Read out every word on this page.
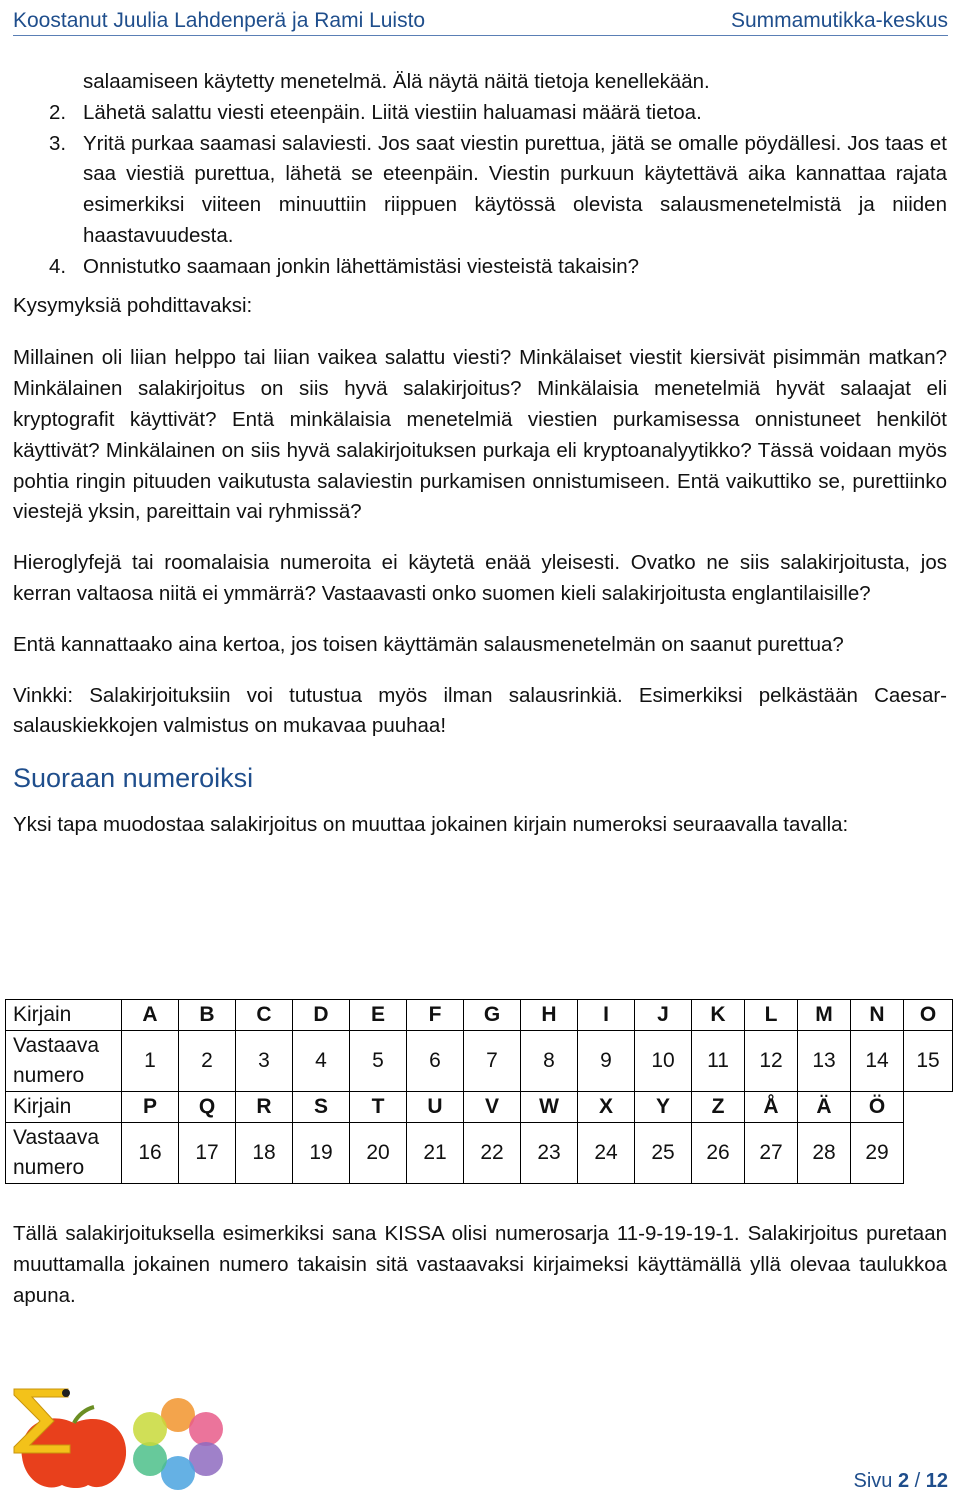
Koostanut Juulia Lahdenperä ja Rami Luisto	Summamutikka-keskus
salaamiseen käytetty menetelmä. Älä näytä näitä tietoja kenellekään.
2. Lähetä salattu viesti eteenpäin. Liitä viestiin haluamasi määrä tietoa.
3. Yritä purkaa saamasi salaviesti. Jos saat viestin purettua, jätä se omalle pöydällesi. Jos taas et saa viestiä purettua, lähetä se eteenpäin. Viestin purkuun käytettävä aika kannattaa rajata esimerkiksi viiteen minuuttiin riippuen käytössä olevista salausmenetelmistä ja niiden haastavuudesta.
4. Onnistutko saamaan jonkin lähettämistäsi viesteistä takaisin?

Kysymyksiä pohdittavaksi:

Millainen oli liian helppo tai liian vaikea salattu viesti? Minkälaiset viestit kiersivät pisimmän matkan? Minkälainen salakirjoitus on siis hyvä salakirjoitus? Minkälaisia menetelmiä hyvät salaajat eli kryptografit käyttivät? Entä minkälaisia menetelmiä viestien purkamisessa onnistuneet henkilöt käyttivät? Minkälainen on siis hyvä salakirjoituksen purkaja eli kryptoanalyytikko? Tässä voidaan myös pohtia ringin pituuden vaikutusta salaviestin purkamisen onnistumiseen. Entä vaikuttiko se, purettiinko viestejä yksin, pareittain vai ryhmissä?

Hieroglyfejä tai roomalaisia numeroita ei käytetä enää yleisesti. Ovatko ne siis salakirjoitusta, jos kerran valtaosa niitä ei ymmärrä? Vastaavasti onko suomen kieli salakirjoitusta englantilaisille?

Entä kannattaako aina kertoa, jos toisen käyttämän salausmenetelmän on saanut purettua?

Vinkki: Salakirjoituksiin voi tutustua myös ilman salausrinkiä. Esimerkiksi pelkästään Caesar-salauskiekkojen valmistus on mukavaa puuhaa!

Suoraan numeroiksi

Yksi tapa muodostaa salakirjoitus on muuttaa jokainen kirjain numeroksi seuraavalla tavalla:

Kirjain	A	B	C	D	E	F	G	H	I	J	K	L	M	N	O
Vastaava
numero	1	2	3	4	5	6	7	8	9	10	11	12	13	14	15
Kirjain	P	Q	R	S	T	U	V	W	X	Y	Z	Å	Ä	Ö	
Vastaava
numero	16	17	18	19	20	21	22	23	24	25	26	27	28	29	

Tällä salakirjoituksella esimerkiksi sana KISSA olisi numerosarja 11-9-19-19-1. Salakirjoitus puretaan muuttamalla jokainen numero takaisin sitä vastaavaksi kirjaimeksi käyttämällä yllä olevaa taulukkoa apuna.

Sivu 2 / 12
